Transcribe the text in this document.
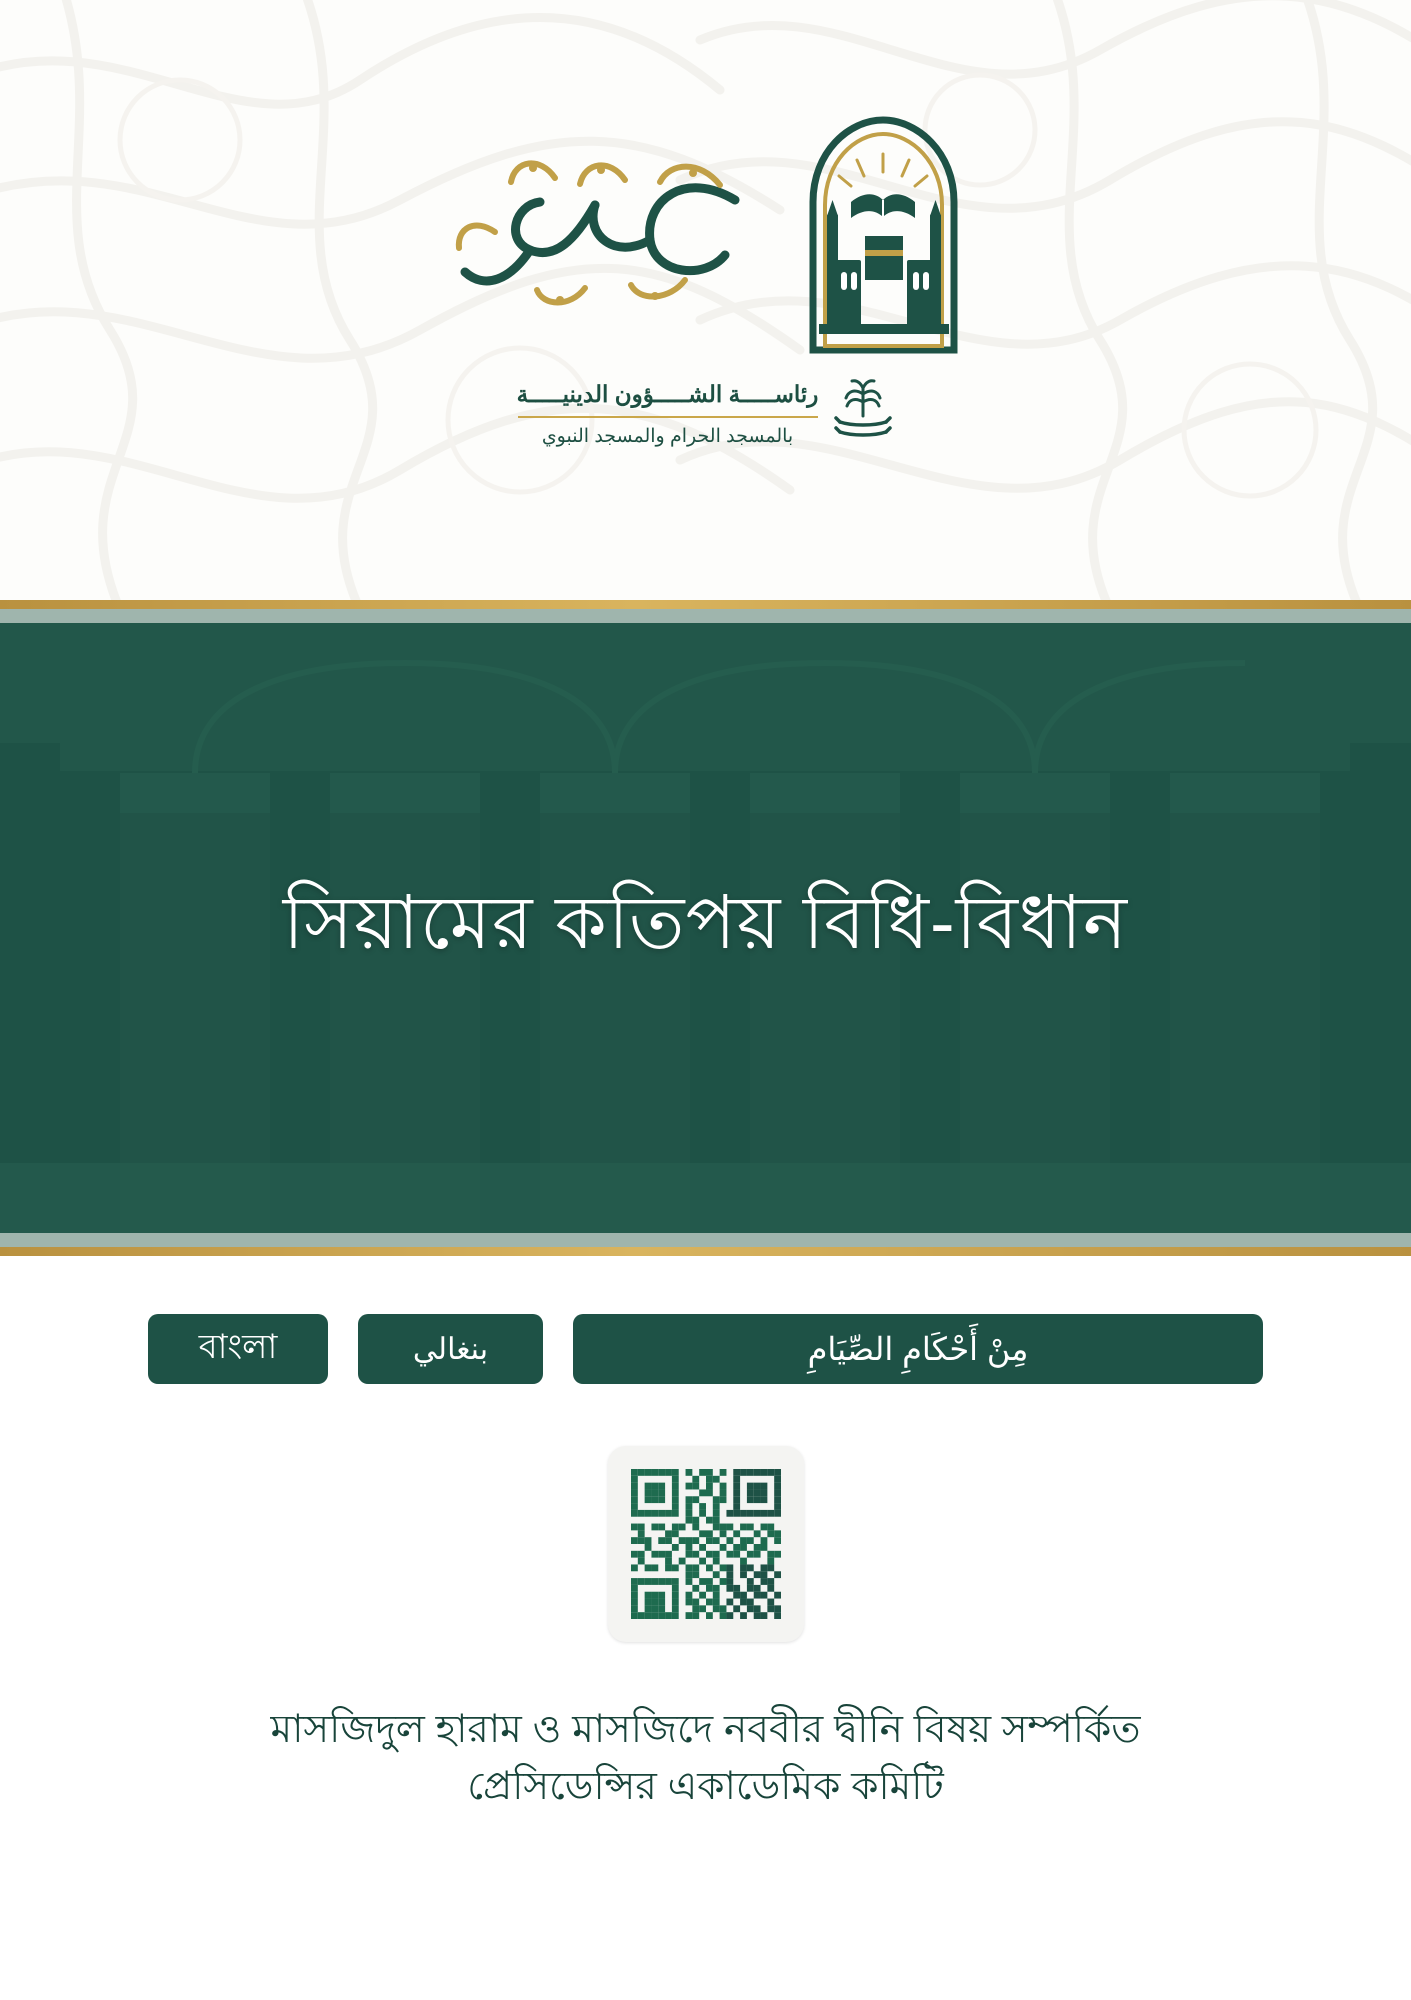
رئاســـــة الشـــــؤون الدينيـــــة
بالمسجد الحرام والمسجد النبوي
সিয়ামের কতিপয় বিধি-বিধান
বাংলা	بنغالي	مِنْ أَحْكَامِ الصِّيَامِ
মাসজিদুল হারাম ও মাসজিদে নববীর দ্বীনি বিষয় সম্পর্কিত
প্রেসিডেন্সির একাডেমিক কমিটি
